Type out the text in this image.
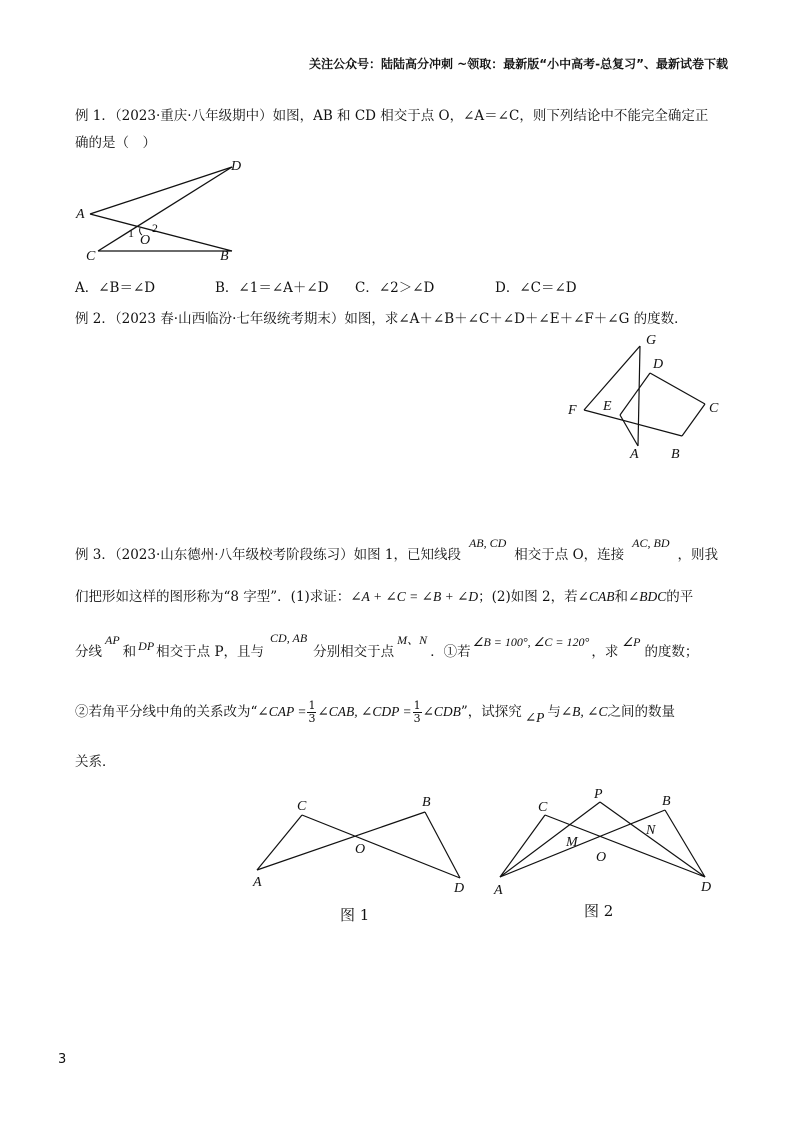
关注公众号：陆陆高分冲刺 ~领取：最新版“小中高考-总复习”、最新试卷下载
例 1．（2023·重庆·八年级期中）如图，AB 和 CD 相交于点 O，∠A＝∠C，则下列结论中不能完全确定正
确的是（　）
D
A
1 2
O
C	B
A．∠B＝∠D	B．∠1＝∠A＋∠D C．∠2＞∠D	D．∠C＝∠D
例 2．（2023 春·山西临汾·七年级统考期末）如图，求∠A＋∠B＋∠C＋∠D＋∠E＋∠F＋∠G 的度数．
G
D
E
F	C
A B
例 3．（2023·山东德州·八年级校考阶段练习）如图 1，已知线段AB, CD相交于点 O，连接AC, BD，则我
们把形如这样的图形称为“8 字型”．(1)求证：∠A + ∠C = ∠B + ∠D；(2)如图 2，若∠CAB和∠BDC的平
分线AP和 DP 相交于点 P，且与CD, AB分别相交于点M、N．①若∠B = 100°, ∠C = 120°，求∠P的度数；
②若角平分线中角的关系改为“∠CAP = $\frac{1}{3}$ ∠CAB, ∠CDP = $\frac{1}{3}$ ∠CDB”，试探究 ∠P 与∠B, ∠C之间的数量
关系．
C	B
O
A	D
图 1
C
P	B
M
N
O
A	D
图 2
3
